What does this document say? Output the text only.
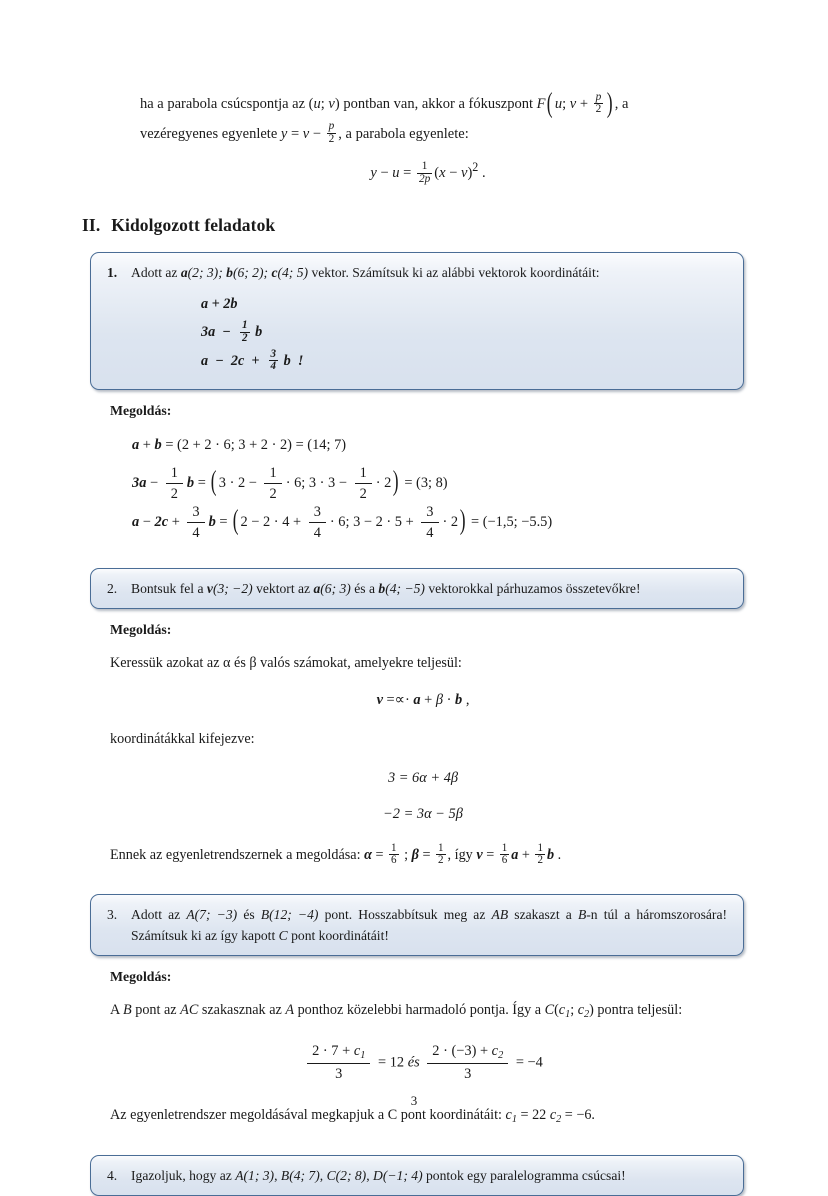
ha a parabola csúcspontja az (u; v) pontban van, akkor a fókuszpont F( u; $v + \frac{p}{2}$ ) , a
vezéregyenes egyenlete $y = v - \frac{p}{2}$ , a parabola egyenlete:
$y - u = \frac{1}{2p} (x - v)^2$ .
II. Kidolgozott feladatok
1.	Adott az a(2; 3); b(6; 2); c(4; 5) vektor. Számítsuk ki az alábbi vektorok koordinátáit:
a + 2b
$3a - \frac{1}{2}$ b
$a - 2c + \frac{3}{4}$ b  !
Megoldás:
a + b = (2 + 2 · 6; 3 + 2 · 2) = (14; 7)
$3a - \frac{1}{2}$ b = ( $3 \cdot 2 - \frac{1}{2} \cdot 6$; $3 \cdot 3 - \frac{1}{2} \cdot 2) = (3$; 8)
$a - 2c + \frac{3}{4}$ b = ( $2 - 2 \cdot 4 + \frac{3}{4} \cdot 6$; $3 - 2 \cdot 5 + \frac{3}{4} \cdot 2) = (-1,5$; −5.5)
2.	Bontsuk fel a v(3; −2) vektort az a(6; 3) és a b(4; −5) vektorokkal párhuzamos összetevőkre!
Megoldás:
Keressük azokat az α és β valós számokat, amelyekre teljesül:
v =∝· a + β · b ,
koordinátákkal kifejezve:
3 = 6α + 4β
−2 = 3α − 5β
Ennek az egyenletrendszernek a megoldása: $\alpha = \frac{1}{6}$ ; $\beta = \frac{1}{2}$ , így $v = \frac{1}{6}$ $a + \frac{1}{2}$ b .
3.	Adott az A(7; −3) és B(12; −4) pont. Hosszabbítsuk meg az AB szakaszt a B-n túl a háromszorosára! Számítsuk ki az így kapott C pont koordinátáit!
Megoldás:
A B pont az AC szakasznak az A ponthoz közelebbi harmadoló pontja. Így a $C(c_1$; $c_2$) pontra teljesül:
$\frac{2 \cdot 7 + c_1}{3} = 12$ és $\frac{2 \cdot (-3) + c_2}{3} = -4$
Az egyenletrendszer megoldásával megkapjuk a C pont koordinátáit: $c_1 = 22$ $c_2 = -6$.
4.	Igazoljuk, hogy az A(1; 3), B(4; 7), C(2; 8), D(−1; 4) pontok egy paralelogramma csúcsai!
3
